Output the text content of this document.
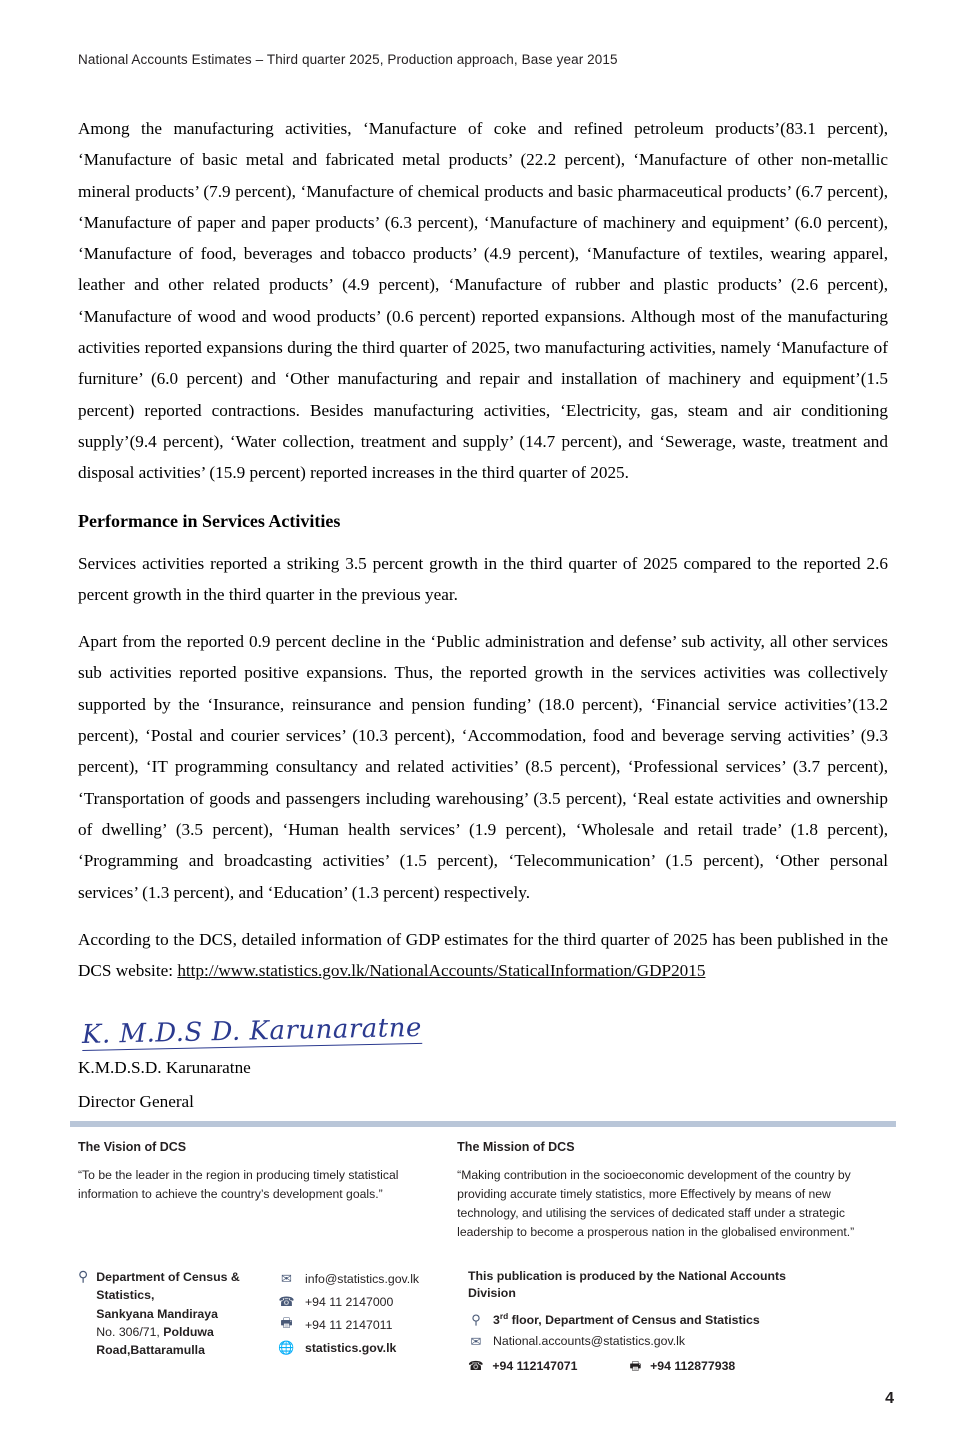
National Accounts Estimates – Third quarter 2025, Production approach, Base year 2015

Among the manufacturing activities, ‘Manufacture of coke and refined petroleum products’(83.1 percent), ‘Manufacture of basic metal and fabricated metal products’ (22.2 percent), ‘Manufacture of other non-metallic mineral products’ (7.9 percent), ‘Manufacture of chemical products and basic pharmaceutical products’ (6.7 percent), ‘Manufacture of paper and paper products’ (6.3 percent), ‘Manufacture of machinery and equipment’ (6.0 percent), ‘Manufacture of food, beverages and tobacco products’ (4.9 percent), ‘Manufacture of textiles, wearing apparel, leather and other related products’ (4.9 percent), ‘Manufacture of rubber and plastic products’ (2.6 percent), ‘Manufacture of wood and wood products’ (0.6 percent) reported expansions. Although most of the manufacturing activities reported expansions during the third quarter of 2025, two manufacturing activities, namely ‘Manufacture of furniture’ (6.0 percent) and ‘Other manufacturing and repair and installation of machinery and equipment’(1.5 percent) reported contractions. Besides manufacturing activities, ‘Electricity, gas, steam and air conditioning supply’(9.4 percent), ‘Water collection, treatment and supply’ (14.7 percent), and ‘Sewerage, waste, treatment and disposal activities’ (15.9 percent) reported increases in the third quarter of 2025.

Performance in Services Activities

Services activities reported a striking 3.5 percent growth in the third quarter of 2025 compared to the reported 2.6 percent growth in the third quarter in the previous year.

Apart from the reported 0.9 percent decline in the ‘Public administration and defense’ sub activity, all other services sub activities reported positive expansions. Thus, the reported growth in the services activities was collectively supported by the ‘Insurance, reinsurance and pension funding’ (18.0 percent), ‘Financial service activities’(13.2 percent), ‘Postal and courier services’ (10.3 percent), ‘Accommodation, food and beverage serving activities’ (9.3 percent), ‘IT programming consultancy and related activities’ (8.5 percent), ‘Professional services’ (3.7 percent), ‘Transportation of goods and passengers including warehousing’ (3.5 percent), ‘Real estate activities and ownership of dwelling’ (3.5 percent), ‘Human health services’ (1.9 percent), ‘Wholesale and retail trade’ (1.8 percent), ‘Programming and broadcasting activities’ (1.5 percent), ‘Telecommunication’ (1.5 percent), ‘Other personal services’ (1.3 percent), and ‘Education’ (1.3 percent) respectively.

According to the DCS, detailed information of GDP estimates for the third quarter of 2025 has been published in the DCS website: http://www.statistics.gov.lk/NationalAccounts/StaticalInformation/GDP2015

K. M.D.S D. Karunaratne
K.M.D.S.D. Karunaratne
Director General
The Vision of DCS
“To be the leader in the region in producing timely statistical information to achieve the country’s development goals.”
The Mission of DCS
“Making contribution in the socioeconomic development of the country by providing accurate timely statistics, more Effectively by means of new technology, and utilising the services of dedicated staff under a strategic leadership to become a prosperous nation in the globalised environment.”
⚲ Department of Census & Statistics,
Sankyana Mandiraya
No. 306/71, Polduwa
Road,Battaramulla
✉ info@statistics.gov.lk
☎ +94 11 2147000
🖶 +94 11 2147011
🌐 statistics.gov.lk
This publication is produced by the National Accounts
Division
⚲ 3rd floor, Department of Census and Statistics
✉ National.accounts@statistics.gov.lk
☎ +94 112147071	🖶 +94 112877938
4
